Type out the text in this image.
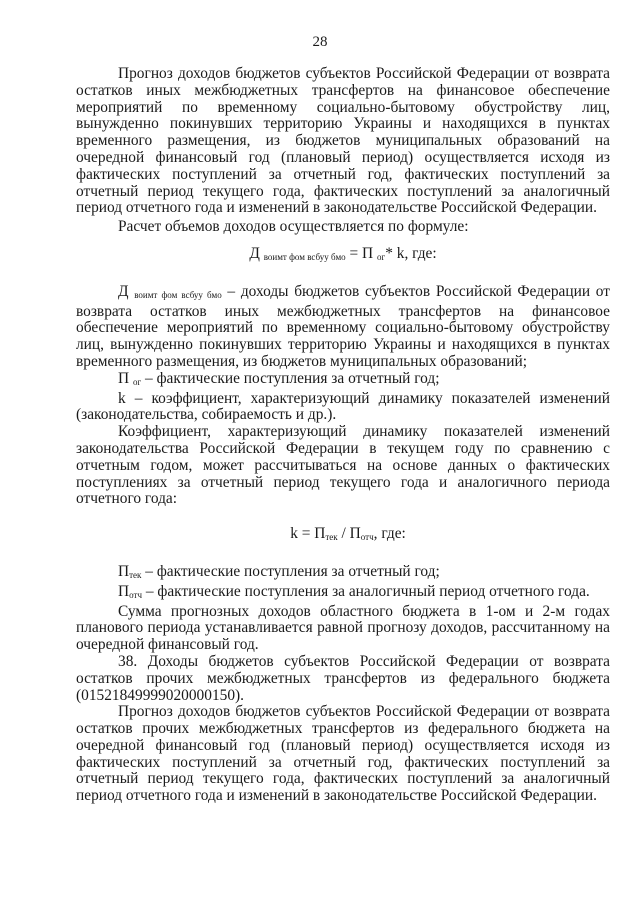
28

Прогноз доходов бюджетов субъектов Российской Федерации от возврата остатков иных межбюджетных трансфертов на финансовое обеспечение мероприятий по временному социально-бытовому обустройству лиц, вынужденно покинувших территорию Украины и находящихся в пунктах временного размещения, из бюджетов муниципальных образований на очередной финансовый год (плановый период) осуществляется исходя из фактических поступлений за отчетный год, фактических поступлений за отчетный период текущего года, фактических поступлений за аналогичный период отчетного года и изменений в законодательстве Российской Федерации.

Расчет объемов доходов осуществляется по формуле:

Д $_{воимт фом всбуу бмо}$ = П $_{ог}$* k, где:

Д $_{воимт фом всбуу бмо}$ – доходы бюджетов субъектов Российской Федерации от возврата остатков иных межбюджетных трансфертов на финансовое обеспечение мероприятий по временному социально-бытовому обустройству лиц, вынужденно покинувших территорию Украины и находящихся в пунктах временного размещения, из бюджетов муниципальных образований;

П $_{ог}$ – фактические поступления за отчетный год;

k – коэффициент, характеризующий динамику показателей изменений (законодательства, собираемость и др.).

Коэффициент, характеризующий динамику показателей изменений законодательства Российской Федерации в текущем году по сравнению с отчетным годом, может рассчитываться на основе данных о фактических поступлениях за отчетный период текущего года и аналогичного периода отчетного года:

$k = П_{тек} / П_{отч}$, где:

$П_{тек}$ – фактические поступления за отчетный год;

$П_{отч}$ – фактические поступления за аналогичный период отчетного года.

Сумма прогнозных доходов областного бюджета в 1-ом и 2-м годах планового периода устанавливается равной прогнозу доходов, рассчитанному на очередной финансовый год.

38. Доходы бюджетов субъектов Российской Федерации от возврата остатков прочих межбюджетных трансфертов из федерального бюджета (01521849999020000150).

Прогноз доходов бюджетов субъектов Российской Федерации от возврата остатков прочих межбюджетных трансфертов из федерального бюджета на очередной финансовый год (плановый период) осуществляется исходя из фактических поступлений за отчетный год, фактических поступлений за отчетный период текущего года, фактических поступлений за аналогичный период отчетного года и изменений в законодательстве Российской Федерации.
